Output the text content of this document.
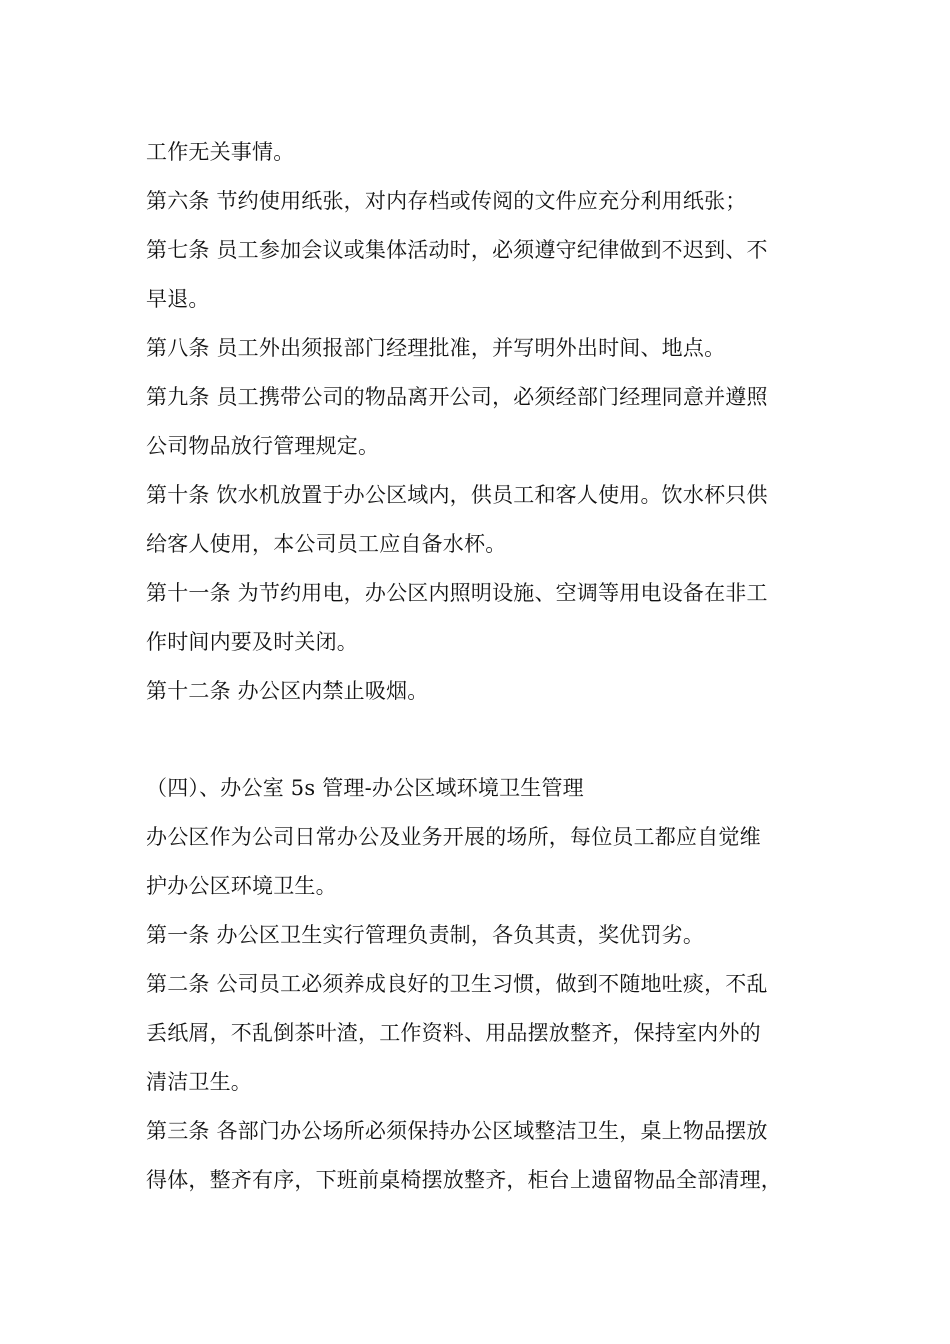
工作无关事情。
第六条 节约使用纸张，对内存档或传阅的文件应充分利用纸张；
第七条 员工参加会议或集体活动时，必须遵守纪律做到不迟到、不
早退。
第八条 员工外出须报部门经理批准，并写明外出时间、地点。
第九条 员工携带公司的物品离开公司，必须经部门经理同意并遵照
公司物品放行管理规定。
第十条 饮水机放置于办公区域内，供员工和客人使用。饮水杯只供
给客人使用，本公司员工应自备水杯。
第十一条 为节约用电，办公区内照明设施、空调等用电设备在非工
作时间内要及时关闭。
第十二条 办公区内禁止吸烟。
（四）、办公室 5s 管理-办公区域环境卫生管理
办公区作为公司日常办公及业务开展的场所，每位员工都应自觉维
护办公区环境卫生。
第一条 办公区卫生实行管理负责制，各负其责，奖优罚劣。
第二条 公司员工必须养成良好的卫生习惯，做到不随地吐痰，不乱
丢纸屑，不乱倒茶叶渣，工作资料、用品摆放整齐，保持室内外的
清洁卫生。
第三条 各部门办公场所必须保持办公区域整洁卫生，桌上物品摆放
得体，整齐有序，下班前桌椅摆放整齐，柜台上遗留物品全部清理，
